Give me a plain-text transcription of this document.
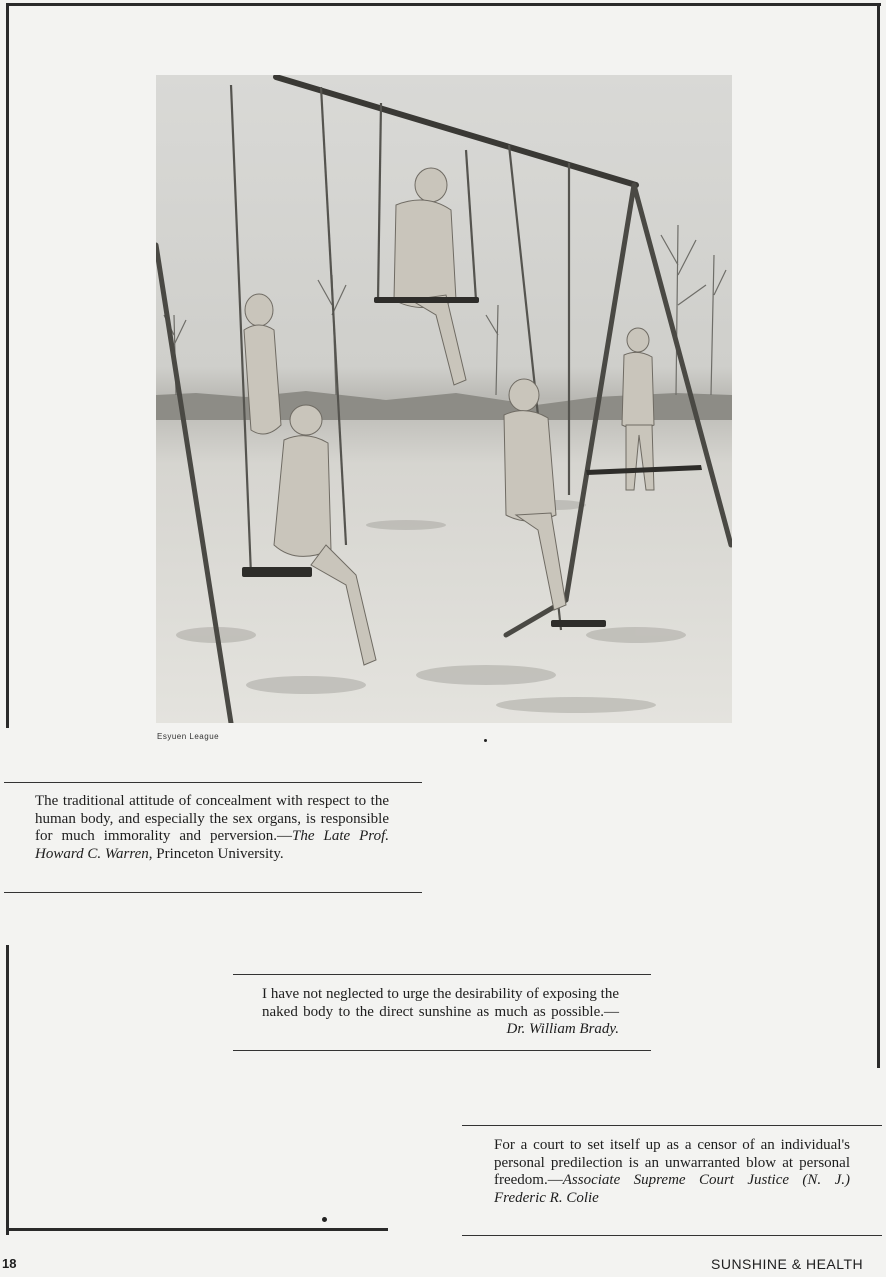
Esyuen League
The traditional attitude of concealment with respect to the human body, and especially the sex organs, is responsible for much immorality and perversion.—The Late Prof. Howard C. Warren, Princeton University.
I have not neglected to urge the desirability of exposing the naked body to the direct sunshine as much as possible.—Dr. William Brady.
For a court to set itself up as a censor of an individual's personal predilection is an unwarranted blow at personal freedom.—Associate Supreme Court Justice (N. J.) Frederic R. Colie
18	SUNSHINE & HEALTH
